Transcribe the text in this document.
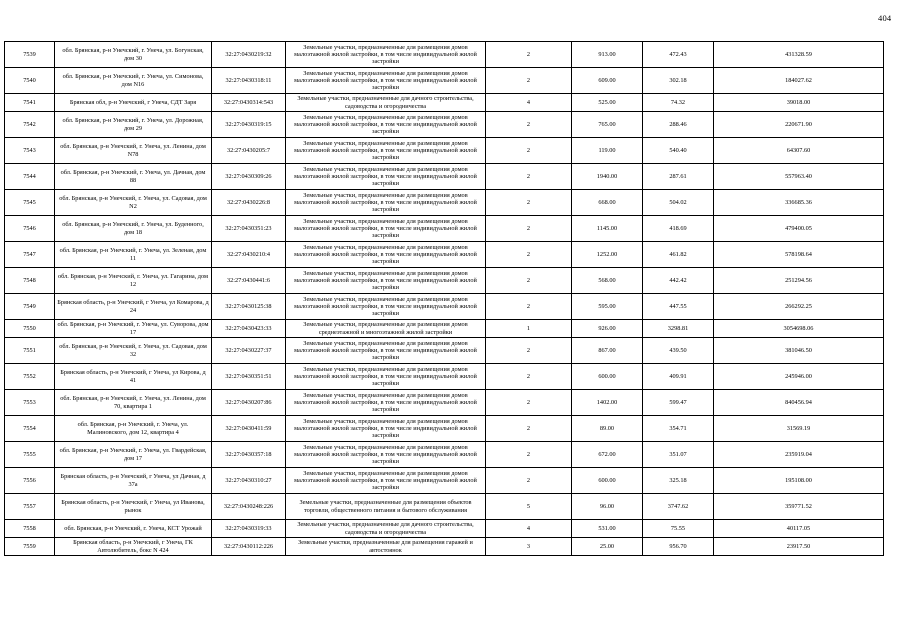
404
7539	обл. Брянская, р-н Унечский, г. Унеча, ул. Богунская, дом 30	32:27:0430219:32	Земельные участки, предназначенные для размещения домов малоэтажной жилой застройки, в том числе индивидуальной жилой застройки	2	913.00	472.43	431328.59
7540	обл. Брянская, р-н Унечский, г. Унеча, ул. Симонова, дом N16	32:27:0430318:11	Земельные участки, предназначенные для размещения домов малоэтажной жилой застройки, в том числе индивидуальной жилой застройки	2	609.00	302.18	184027.62
7541	Брянская обл, р-н Унечский, г Унеча, СДТ Заря	32:27:0430314:543	Земельные участки, предназначенные для дачного строительства, садоводства и огородничества	4	525.00	74.32	39018.00
7542	обл. Брянская, р-н Унечский, г. Унеча, ул. Дорожная, дом 29	32:27:0430319:15	Земельные участки, предназначенные для размещения домов малоэтажной жилой застройки, в том числе индивидуальной жилой застройки	2	765.00	288.46	220671.90
7543	обл. Брянская, р-н Унечский, г. Унеча, ул. Ленина, дом N78	32:27:0430205:7	Земельные участки, предназначенные для размещения домов малоэтажной жилой застройки, в том числе индивидуальной жилой застройки	2	119.00	540.40	64307.60
7544	обл. Брянская, р-н Унечский, г. Унеча, ул. Дачная, дом 88	32:27:0430309:26	Земельные участки, предназначенные для размещения домов малоэтажной жилой застройки, в том числе индивидуальной жилой застройки	2	1940.00	287.61	557963.40
7545	обл. Брянская, р-н Унечский, г. Унеча, ул. Садовая, дом N2	32:27:0430226:8	Земельные участки, предназначенные для размещения домов малоэтажной жилой застройки, в том числе индивидуальной жилой застройки	2	668.00	504.02	336685.36
7546	обл. Брянская, р-н Унечский, г. Унеча, ул. Буденного, дом 18	32:27:0430351:23	Земельные участки, предназначенные для размещения домов малоэтажной жилой застройки, в том числе индивидуальной жилой застройки	2	1145.00	418.69	479400.05
7547	обл. Брянская, р-н Унечский, г. Унеча, ул. Зеленая, дом 11	32:27:0430210:4	Земельные участки, предназначенные для размещения домов малоэтажной жилой застройки, в том числе индивидуальной жилой застройки	2	1252.00	461.82	578198.64
7548	обл. Брянская, р-н Унечский, г. Унеча, ул. Гагарина, дом 12	32:27:0430441:6	Земельные участки, предназначенные для размещения домов малоэтажной жилой застройки, в том числе индивидуальной жилой застройки	2	568.00	442.42	251294.56
7549	Брянская область, р-н Унечский, г Унеча, ул Комарова, д 24	32:27:0430125:38	Земельные участки, предназначенные для размещения домов малоэтажной жилой застройки, в том числе индивидуальной жилой застройки	2	595.00	447.55	266292.25
7550	обл. Брянская, р-н Унечский, г. Унеча, ул. Суворова, дом 17	32:27:0430423:33	Земельные участки, предназначенные для размещения домов среднеэтажной и многоэтажной жилой застройки	1	926.00	3298.81	3054698.06
7551	обл. Брянская, р-н Унечский, г. Унеча, ул. Садовая, дом 32	32:27:0430227:37	Земельные участки, предназначенные для размещения домов малоэтажной жилой застройки, в том числе индивидуальной жилой застройки	2	867.00	439.50	381046.50
7552	Брянская область, р-н Унечский, г Унеча, ул Кирова, д 41	32:27:0430351:51	Земельные участки, предназначенные для размещения домов малоэтажной жилой застройки, в том числе индивидуальной жилой застройки	2	600.00	409.91	245946.00
7553	обл. Брянская, р-н Унечский, г. Унеча, ул. Ленина, дом 70, квартира 1	32:27:0430207:86	Земельные участки, предназначенные для размещения домов малоэтажной жилой застройки, в том числе индивидуальной жилой застройки	2	1402.00	599.47	840456.94
7554	обл. Брянская, р-н Унечский, г. Унеча, ул. Малиновского, дом 12, квартира 4	32:27:0430411:59	Земельные участки, предназначенные для размещения домов малоэтажной жилой застройки, в том числе индивидуальной жилой застройки	2	89.00	354.71	31569.19
7555	обл. Брянская, р-н Унечский, г. Унеча, ул. Гвардейская, дом 17	32:27:0430357:18	Земельные участки, предназначенные для размещения домов малоэтажной жилой застройки, в том числе индивидуальной жилой застройки	2	672.00	351.07	235919.04
7556	Брянская область, р-н Унечский, г Унеча, ул Дачная, д 37а	32:27:0430310:27	Земельные участки, предназначенные для размещения домов малоэтажной жилой застройки, в том числе индивидуальной жилой застройки	2	600.00	325.18	195108.00
7557	Брянская область, р-н Унечский, г Унеча, ул Иванова, рынок	32:27:0430248:226	Земельные участки, предназначенные для размещения объектов торговли, общественного питания и бытового обслуживания	5	96.00	3747.62	359771.52
7558	обл. Брянская, р-н Унечский, г. Унеча, КСТ Урожай	32:27:0430319:33	Земельные участки, предназначенные для дачного строительства, садоводства и огородничества	4	531.00	75.55	40117.05
7559	Брянская область, р-н Унечский, г Унеча, ГК Автолюбитель, бокс N 424	32:27:0430112:226	Земельные участки, предназначенные для размещения гаражей и автостоянок	3	25.00	956.70	23917.50
